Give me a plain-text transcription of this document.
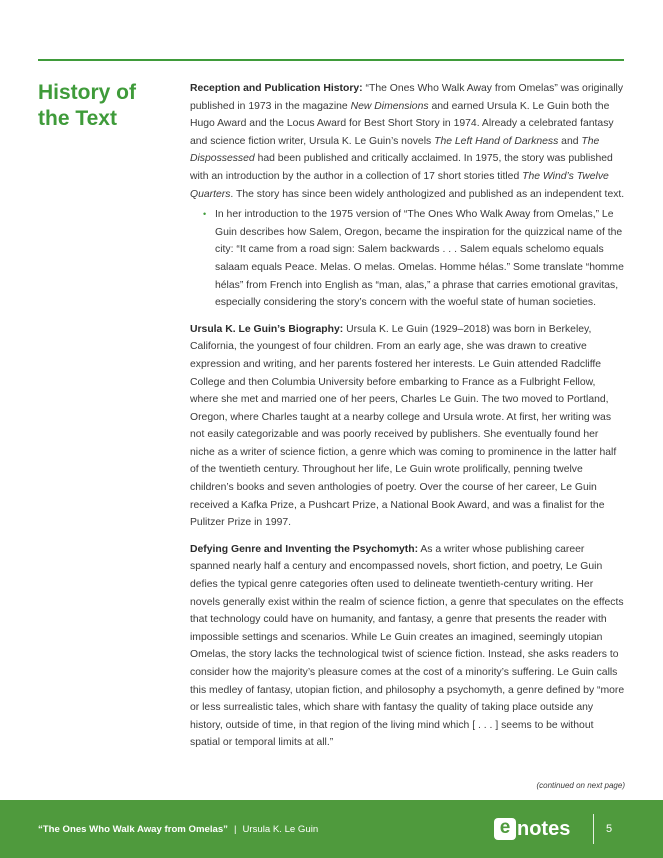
History of the Text

Reception and Publication History: “The Ones Who Walk Away from Omelas” was originally published in 1973 in the magazine New Dimensions and earned Ursula K. Le Guin both the Hugo Award and the Locus Award for Best Short Story in 1974. Already a celebrated fantasy and science fiction writer, Ursula K. Le Guin’s novels The Left Hand of Darkness and The Dispossessed had been published and critically acclaimed. In 1975, the story was published with an introduction by the author in a collection of 17 short stories titled The Wind’s Twelve Quarters. The story has since been widely anthologized and published as an independent text.

• In her introduction to the 1975 version of “The Ones Who Walk Away from Omelas,” Le Guin describes how Salem, Oregon, became the inspiration for the quizzical name of the city: “It came from a road sign: Salem backwards . . . Salem equals schelomo equals salaam equals Peace. Melas. O melas. Omelas. Homme hélas.” Some translate “homme hélas” from French into English as “man, alas,” a phrase that carries emotional gravitas, especially considering the story’s concern with the woeful state of human societies.

Ursula K. Le Guin’s Biography: Ursula K. Le Guin (1929–2018) was born in Berkeley, California, the youngest of four children. From an early age, she was drawn to creative expression and writing, and her parents fostered her interests. Le Guin attended Radcliffe College and then Columbia University before embarking to France as a Fulbright Fellow, where she met and married one of her peers, Charles Le Guin. The two moved to Portland, Oregon, where Charles taught at a nearby college and Ursula wrote. At first, her writing was not easily categorizable and was poorly received by publishers. She eventually found her niche as a writer of science fiction, a genre which was coming to prominence in the latter half of the twentieth century. Throughout her life, Le Guin wrote prolifically, penning twelve children’s books and seven anthologies of poetry. Over the course of her career, Le Guin received a Kafka Prize, a Pushcart Prize, a National Book Award, and was a finalist for the Pulitzer Prize in 1997.

Defying Genre and Inventing the Psychomyth: As a writer whose publishing career spanned nearly half a century and encompassed novels, short fiction, and poetry, Le Guin defies the typical genre categories often used to delineate twentieth-century writing. Her novels generally exist within the realm of science fiction, a genre that speculates on the effects that technology could have on humanity, and fantasy, a genre that presents the reader with impossible settings and scenarios. While Le Guin creates an imagined, seemingly utopian Omelas, the story lacks the technological twist of science fiction. Instead, she asks readers to consider how the majority’s pleasure comes at the cost of a minority’s suffering. Le Guin calls this medley of fantasy, utopian fiction, and philosophy a psychomyth, a genre defined by “more or less surrealistic tales, which share with fantasy the quality of taking place outside any history, outside of time, in that region of the living mind which [ . . . ] seems to be without spatial or temporal limits at all.”

(continued on next page)
“The Ones Who Walk Away from Omelas” | Ursula K. Le Guin	e notes	5
